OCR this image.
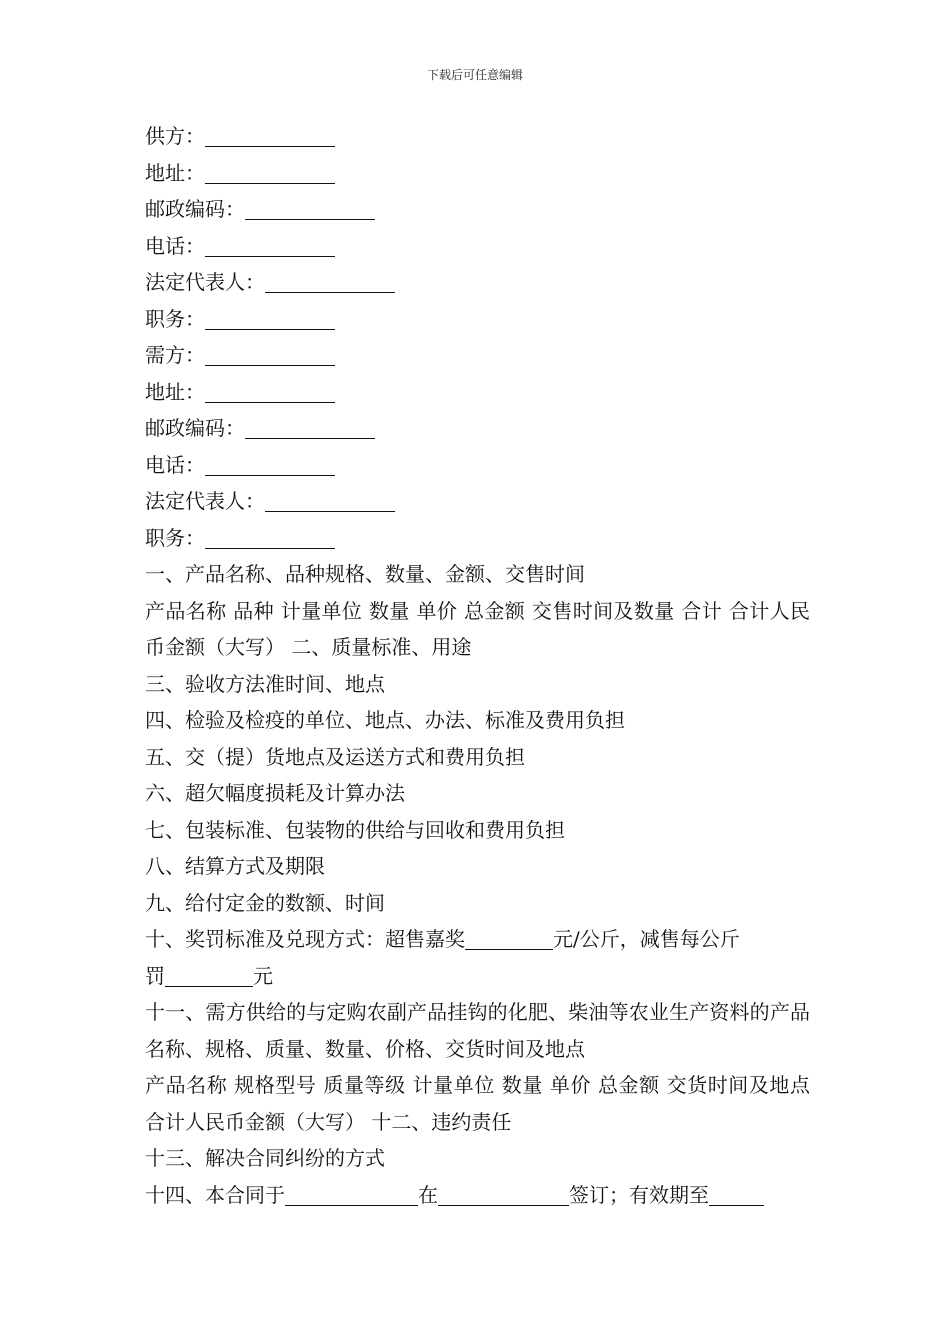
下载后可任意编辑

供方：

地址：

邮政编码：

电话：

法定代表人：

职务：

需方：

地址：

邮政编码：

电话：

法定代表人：

职务：

一、产品名称、品种规格、数量、金额、交售时间

产品名称 品种 计量单位 数量 单价 总金额 交售时间及数量 合计 合计人民币金额（大写） 二、质量标准、用途

三、验收方法准时间、地点

四、检验及检疫的单位、地点、办法、标准及费用负担

五、交（提）货地点及运送方式和费用负担

六、超欠幅度损耗及计算办法

七、包装标准、包装物的供给与回收和费用负担

八、结算方式及期限

九、给付定金的数额、时间

十、奖罚标准及兑现方式：超售嘉奖	元/公斤，减售每公斤

罚	元

十一、需方供给的与定购农副产品挂钩的化肥、柴油等农业生产资料的产品名称、规格、质量、数量、价格、交货时间及地点

产品名称 规格型号 质量等级 计量单位 数量 单价 总金额 交货时间及地点 合计人民币金额（大写） 十二、违约责任

十三、解决合同纠纷的方式

十四、本合同于	在	签订；有效期至
